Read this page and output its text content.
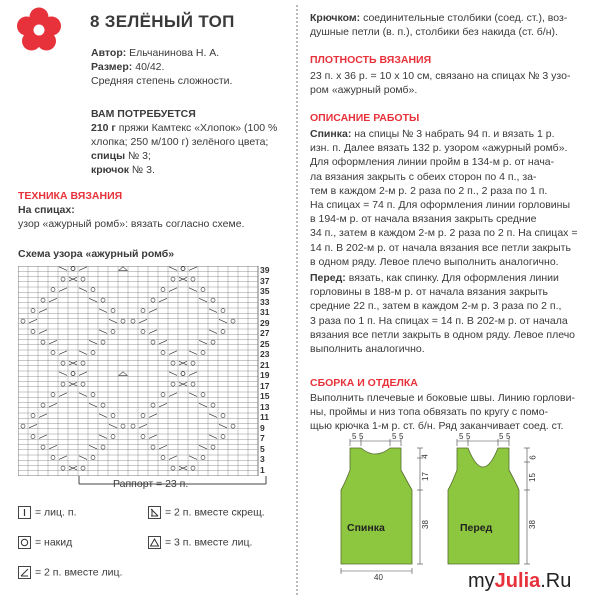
8 ЗЕЛЁНЫЙ ТОП
Автор: Ельчанинова Н. А.
Размер: 40/42.
Средняя степень сложности.
ВАМ ПОТРЕБУЕТСЯ
210 г пряжи Камтекс «Хлопок» (100 %
хлопка; 250 м/100 г) зелёного цвета;
спицы № 3;
крючок № 3.
ТЕХНИКА ВЯЗАНИЯ
На спицах:
узор «ажурный ромб»: вязать согласно схеме.
Схема узора «ажурный ромб»
39
37
35
33
31
29
27
25
23
21
19
17
15
13
11
9
7
5
3
1
Раппорт = 23 п.
= лиц. п.
= накид
= 2 п. вместе лиц.
= 2 п. вместе скрещ.
= 3 п. вместе лиц.
Крючком: соединительные столбики (соед. ст.), воз-
душные петли (в. п.), столбики без накида (ст. б/н).
ПЛОТНОСТЬ ВЯЗАНИЯ
23 п. х 36 р. = 10 х 10 см, связано на спицах № 3 узо-
ром «ажурный ромб».
ОПИСАНИЕ РАБОТЫ
Спинка: на спицы № 3 набрать 94 п. и вязать 1 р.
изн. п. Далее вязать 132 р. узором «ажурный ромб».
Для оформления линии пройм в 134-м р. от нача-
ла вязания закрыть с обеих сторон по 4 п., за-
тем в каждом 2-м р. 2 раза по 2 п., 2 раза по 1 п.
На спицах = 74 п. Для оформления линии горловины
в 194-м р. от начала вязания закрыть средние
34 п., затем в каждом 2-м р. 2 раза по 2 п. На спицах =
14 п. В 202-м р. от начала вязания все петли закрыть
в одном ряду. Левое плечо выполнить аналогично.
Перед: вязать, как спинку. Для оформления линии
горловины в 188-м р. от начала вязания закрыть
средние 22 п., затем в каждом 2-м р. 3 раза по 2 п.,
3 раза по 1 п. На спицах = 14 п. В 202-м р. от начала
вязания все петли закрыть в одном ряду. Левое плечо
выполнить аналогично.
СБОРКА И ОТДЕЛКА
Выполнить плечевые и боковые швы. Линию горлови-
ны, проймы и низ топа обвязать по кругу с помо-
щью крючка 1-м р. ст. б/н. Ряд заканчивает соед. ст.
Спинка	Перед
5 5	5 5	5 5	5 5
4
17
38
6
15
38
40	myJulia.Ru
